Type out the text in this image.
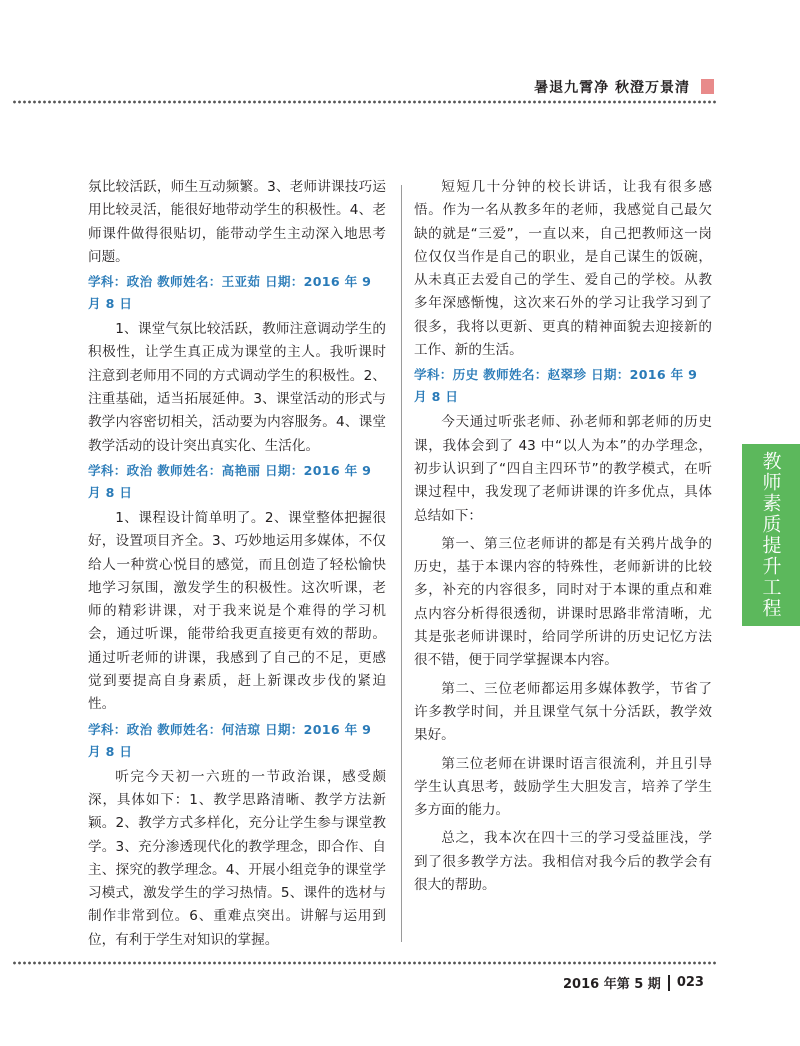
暑退九霄净 秋澄万景清

氛比较活跃，师生互动频繁。3、老师讲课技巧运用比较灵活，能很好地带动学生的积极性。4、老师课件做得很贴切，能带动学生主动深入地思考问题。

学科：政治 教师姓名：王亚茹 日期：2016 年 9 月 8 日

1、课堂气氛比较活跃，教师注意调动学生的积极性，让学生真正成为课堂的主人。我听课时注意到老师用不同的方式调动学生的积极性。2、注重基础，适当拓展延伸。3、课堂活动的形式与教学内容密切相关，活动要为内容服务。4、课堂教学活动的设计突出真实化、生活化。

学科：政治 教师姓名：高艳丽 日期：2016 年 9 月 8 日

1、课程设计简单明了。2、课堂整体把握很好，设置项目齐全。3、巧妙地运用多媒体，不仅给人一种赏心悦目的感觉，而且创造了轻松愉快地学习氛围，激发学生的积极性。这次听课，老师的精彩讲课，对于我来说是个难得的学习机会，通过听课，能带给我更直接更有效的帮助。通过听老师的讲课，我感到了自己的不足，更感觉到要提高自身素质，赶上新课改步伐的紧迫性。

学科：政治 教师姓名：何洁琼 日期：2016 年 9 月 8 日

听完今天初一六班的一节政治课，感受颇深，具体如下：1、教学思路清晰、教学方法新颖。2、教学方式多样化，充分让学生参与课堂教学。3、充分渗透现代化的教学理念，即合作、自主、探究的教学理念。4、开展小组竞争的课堂学习模式，激发学生的学习热情。5、课件的选材与制作非常到位。6、重难点突出。讲解与运用到位，有利于学生对知识的掌握。

短短几十分钟的校长讲话，让我有很多感悟。作为一名从教多年的老师，我感觉自己最欠缺的就是“三爱”，一直以来，自己把教师这一岗位仅仅当作是自己的职业，是自己谋生的饭碗，从未真正去爱自己的学生、爱自己的学校。从教多年深感惭愧，这次来石外的学习让我学习到了很多，我将以更新、更真的精神面貌去迎接新的工作、新的生活。

学科：历史 教师姓名：赵翠珍 日期：2016 年 9 月 8 日

今天通过听张老师、孙老师和郭老师的历史课，我体会到了 43 中“以人为本”的办学理念，初步认识到了“四自主四环节”的教学模式，在听课过程中，我发现了老师讲课的许多优点，具体总结如下：

第一、第三位老师讲的都是有关鸦片战争的历史，基于本课内容的特殊性，老师新讲的比较多，补充的内容很多，同时对于本课的重点和难点内容分析得很透彻，讲课时思路非常清晰，尤其是张老师讲课时，给同学所讲的历史记忆方法很不错，便于同学掌握课本内容。

第二、三位老师都运用多媒体教学，节省了许多教学时间，并且课堂气氛十分活跃，教学效果好。

第三位老师在讲课时语言很流利，并且引导学生认真思考，鼓励学生大胆发言，培养了学生多方面的能力。

总之，我本次在四十三的学习受益匪浅，学到了很多教学方法。我相信对我今后的教学会有很大的帮助。

教师素质提升工程
2016 年第 5 期 023
